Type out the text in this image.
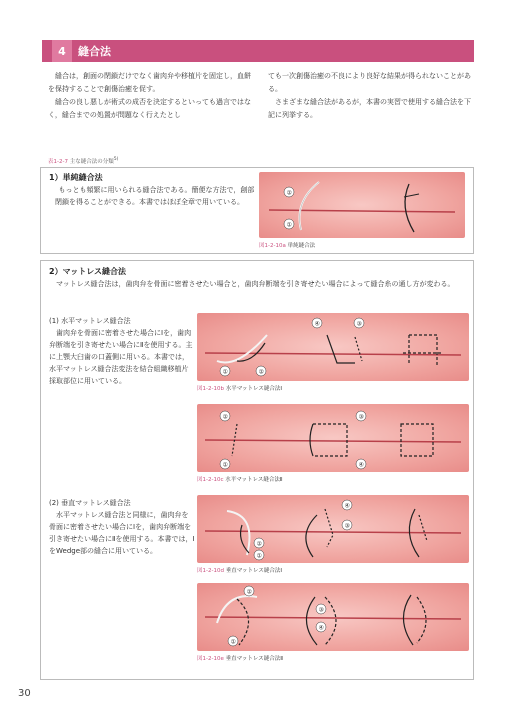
4	縫合法

縫合は，創面の閉鎖だけでなく歯肉弁や移植片を固定し，血餅を保持することで創傷治癒を促す。

縫合の良し悪しが術式の成否を決定するといっても過言ではなく，縫合までの処置が問題なく行えたとし

ても一次創傷治癒の不良により良好な結果が得られないことがある。

さまざまな縫合法があるが，本書の実習で使用する縫合法を下記に列挙する。

表1-2-7 主な縫合法の分類$^{5)}$
1）単純縫合法
もっとも頻繁に用いられる縫合法である。簡便な方法で，創部閉鎖を得ることができる。本書ではほぼ全章で用いている。
②
①
図1-2-10a 単純縫合法
2）マットレス縫合法
マットレス縫合法は，歯肉弁を骨面に密着させたい場合と，歯肉弁断端を引き寄せたい場合によって縫合糸の通し方が変わる。
(1) 水平マットレス縫合法
歯肉弁を骨面に密着させた場合にⅠを，歯肉弁断端を引き寄せたい場合にⅡを使用する。主に上顎大臼歯の口蓋側に用いる。本書では，水平マットレス縫合法変法を結合組織移植片採取部位に用いている。
①	②
③
④
図1-2-10b 水平マットレス縫合法Ⅰ
②
①
③
④
図1-2-10c 水平マットレス縫合法Ⅱ
(2) 垂直マットレス縫合法
水平マットレス縫合法と同様に，歯肉弁を骨面に密着させたい場合にⅠを，歯肉弁断端を引き寄せたい場合にⅡを使用する。本書では，ⅠをWedge部の縫合に用いている。
②
①
④
③
図1-2-10d 垂直マットレス縫合法Ⅰ
②
①
③
④
図1-2-10e 垂直マットレス縫合法Ⅱ
30
